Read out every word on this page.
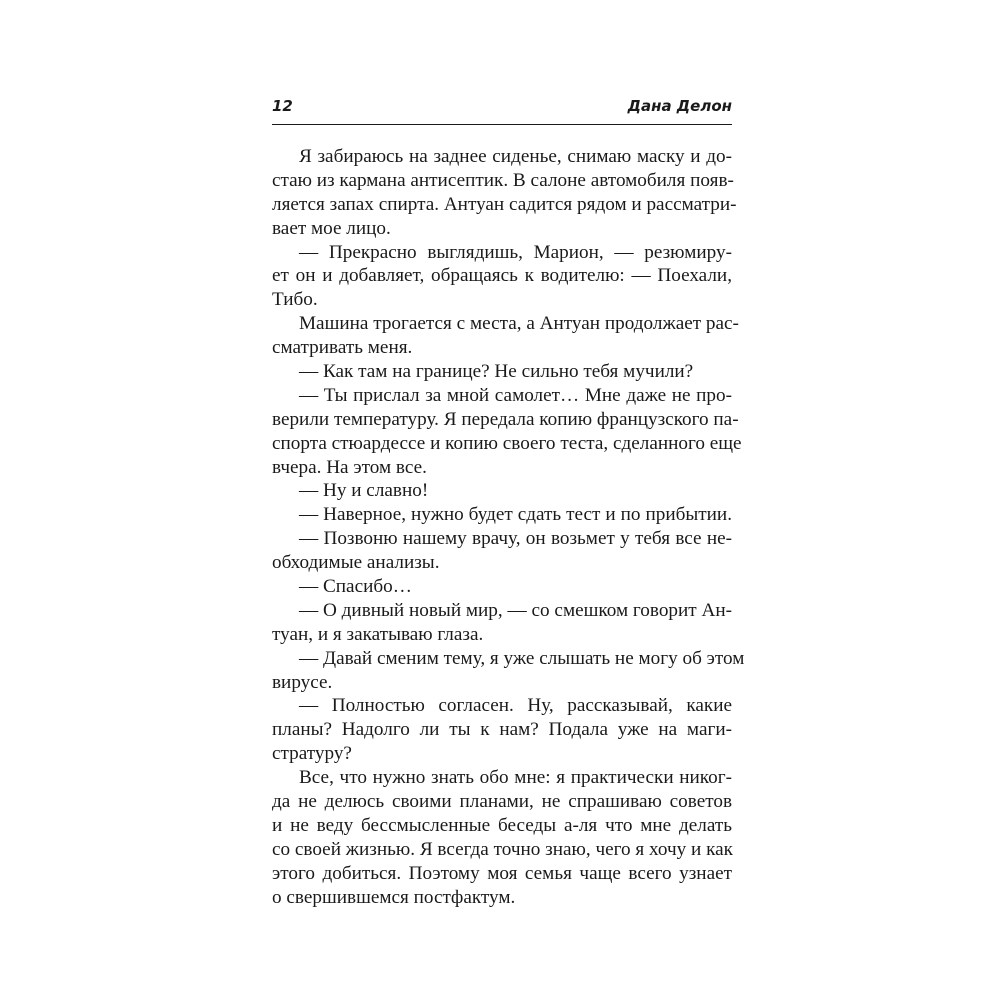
12	Дана Делон
Я забираюсь на заднее сиденье, снимаю маску и до-
стаю из кармана антисептик. В салоне автомобиля появ-
ляется запах спирта. Антуан садится рядом и рассматри-
вает мое лицо.
— Прекрасно выглядишь, Марион, — резюмиру-
ет он и добавляет, обращаясь к водителю: — Поехали,
Тибо.
Машина трогается с места, а Антуан продолжает рас-
сматривать меня.
— Как там на границе? Не сильно тебя мучили?
— Ты прислал за мной самолет… Мне даже не про-
верили температуру. Я передала копию французского па-
спорта стюардессе и копию своего теста, сделанного еще
вчера. На этом все.
— Ну и славно!
— Наверное, нужно будет сдать тест и по прибытии.
— Позвоню нашему врачу, он возьмет у тебя все не-
обходимые анализы.
— Спасибо…
— О дивный новый мир, — со смешком говорит Ан-
туан, и я закатываю глаза.
— Давай сменим тему, я уже слышать не могу об этом
вирусе.
— Полностью согласен. Ну, рассказывай, какие
планы? Надолго ли ты к нам? Подала уже на маги-
стратуру?
Все, что нужно знать обо мне: я практически никог-
да не делюсь своими планами, не спрашиваю советов
и не веду бессмысленные беседы а-ля что мне делать
со своей жизнью. Я всегда точно знаю, чего я хочу и как
этого добиться. Поэтому моя семья чаще всего узнает
о свершившемся постфактум.
